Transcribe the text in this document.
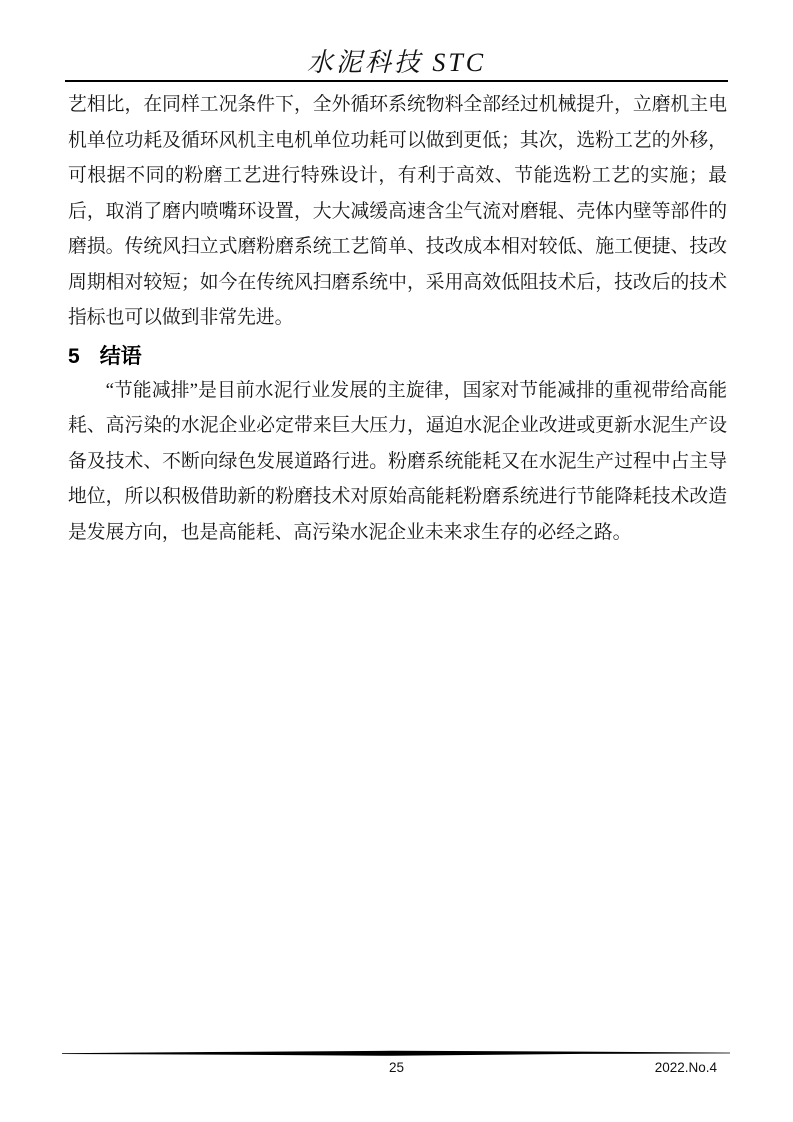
水泥科技 STC

艺相比，在同样工况条件下，全外循环系统物料全部经过机械提升，立磨机主电机单位功耗及循环风机主电机单位功耗可以做到更低；其次，选粉工艺的外移，可根据不同的粉磨工艺进行特殊设计，有利于高效、节能选粉工艺的实施；最后，取消了磨内喷嘴环设置，大大减缓高速含尘气流对磨辊、壳体内壁等部件的磨损。传统风扫立式磨粉磨系统工艺简单、技改成本相对较低、施工便捷、技改周期相对较短；如今在传统风扫磨系统中，采用高效低阻技术后，技改后的技术指标也可以做到非常先进。

5 结语

“节能减排”是目前水泥行业发展的主旋律，国家对节能减排的重视带给高能耗、高污染的水泥企业必定带来巨大压力，逼迫水泥企业改进或更新水泥生产设备及技术、不断向绿色发展道路行进。粉磨系统能耗又在水泥生产过程中占主导地位，所以积极借助新的粉磨技术对原始高能耗粉磨系统进行节能降耗技术改造是发展方向，也是高能耗、高污染水泥企业未来求生存的必经之路。

25	2022.No.4
